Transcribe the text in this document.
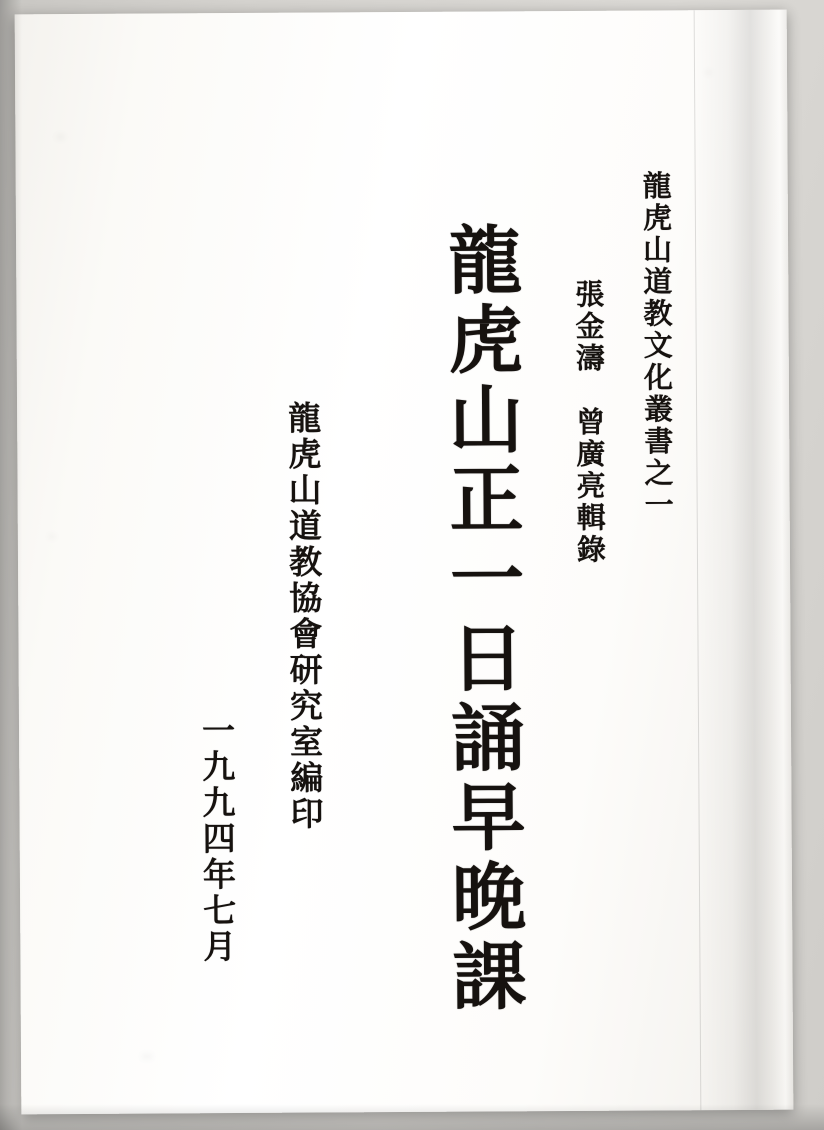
龍虎山道教文化叢書之一
張金濤　曾廣亮輯錄
龍虎山正一日誦早晚課
龍虎山道教協會研究室編印
一九九四年七月
